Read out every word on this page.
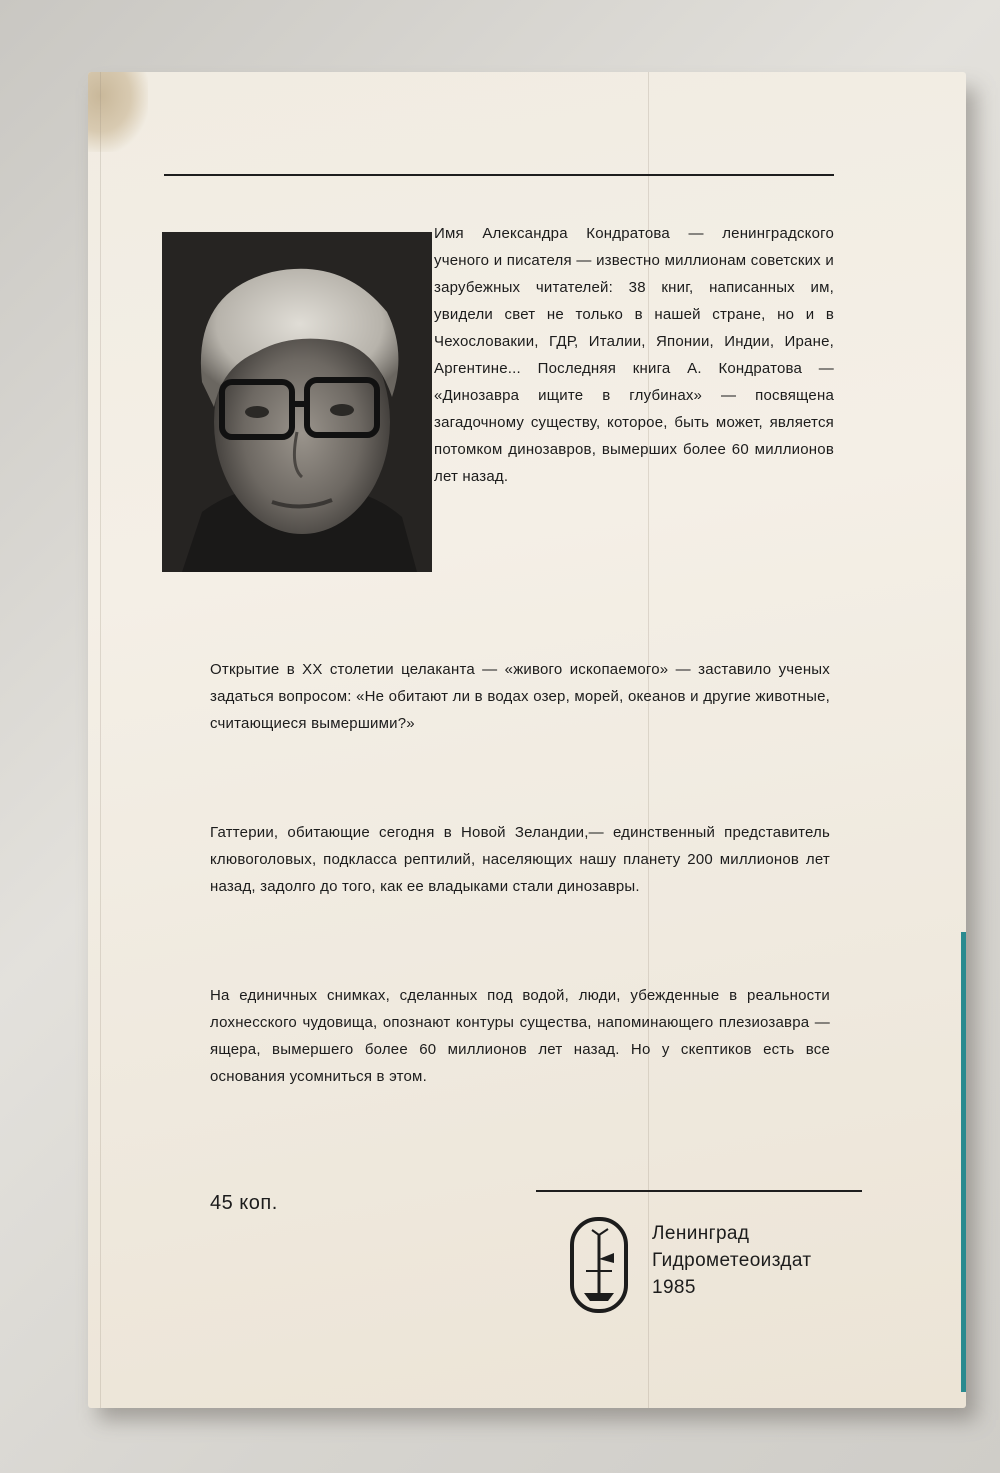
Имя Александра Кондратова — ленинградского ученого и писателя — известно миллионам советских и зарубежных читателей: 38 книг, написанных им, увидели свет не только в нашей стране, но и в Чехословакии, ГДР, Италии, Японии, Индии, Иране, Аргентине... Последняя книга А. Кондратова — «Динозавра ищите в глубинах» — посвящена загадочному существу, которое, быть может, является потомком динозавров, вымерших более 60 миллионов лет назад.

Открытие в XX столетии целаканта — «живого ископаемого» — заставило ученых задаться вопросом: «Не обитают ли в водах озер, морей, океанов и другие животные, считающиеся вымершими?»

Гаттерии, обитающие сегодня в Новой Зеландии,— единственный представитель клювоголовых, подкласса рептилий, населяющих нашу планету 200 миллионов лет назад, задолго до того, как ее владыками стали динозавры.

На единичных снимках, сделанных под водой, люди, убежденные в реальности лохнесского чудовища, опознают контуры существа, напоминающего плезиозавра — ящера, вымершего более 60 миллионов лет назад. Но у скептиков есть все основания усомниться в этом.

45 коп.
Ленинград
Гидрометеоиздат
1985
